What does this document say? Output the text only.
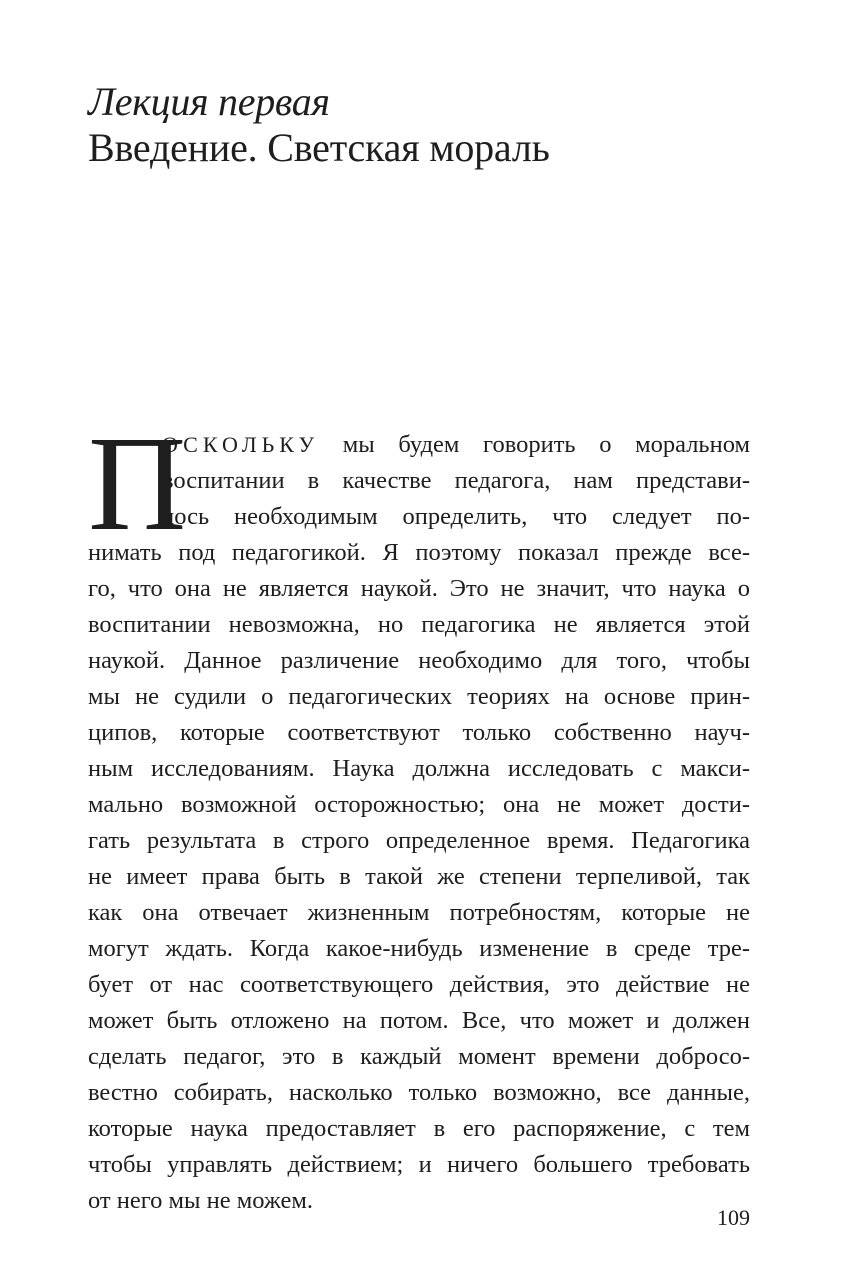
Лекция первая
Введение. Светская мораль
П
ОСКОЛЬКУ мы будем говорить о моральном
воспитании в качестве педагога, нам представи-
лось необходимым определить, что следует по-
нимать под педагогикой. Я поэтому показал прежде все-
го, что она не является наукой. Это не значит, что наука о
воспитании невозможна, но педагогика не является этой
наукой. Данное различение необходимо для того, чтобы
мы не судили о педагогических теориях на основе прин-
ципов, которые соответствуют только собственно науч-
ным исследованиям. Наука должна исследовать с макси-
мально возможной осторожностью; она не может дости-
гать результата в строго определенное время. Педагогика
не имеет права быть в такой же степени терпеливой, так
как она отвечает жизненным потребностям, которые не
могут ждать. Когда какое-нибудь изменение в среде тре-
бует от нас соответствующего действия, это действие не
может быть отложено на потом. Все, что может и должен
сделать педагог, это в каждый момент времени добросо-
вестно собирать, насколько только возможно, все данные,
которые наука предоставляет в его распоряжение, с тем
чтобы управлять действием; и ничего большего требовать
от него мы не можем.
109
